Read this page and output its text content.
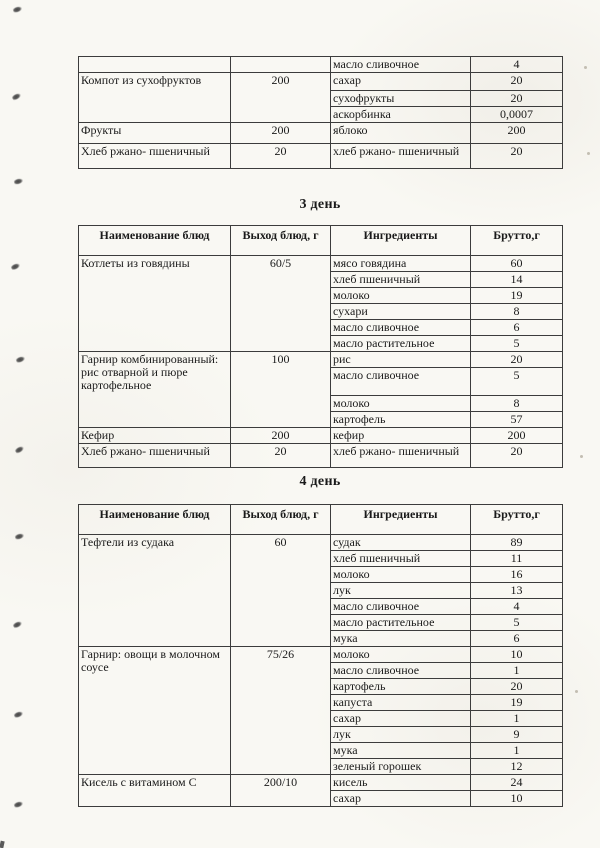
		масло сливочное	4
Компот из сухофруктов	200	сахар	20
		сухофрукты	20
		аскорбинка	0,0007
Фрукты	200	яблоко	200
Хлеб ржано- пшеничный	20	хлеб ржано- пшеничный	20
3 день
Наименование блюд	Выход блюд, г	Ингредиенты	Брутто,г
Котлеты из говядины	60/5	мясо говядина	60
		хлеб пшеничный	14
		молоко	19
		сухари	8
		масло сливочное	6
		масло растительное	5
Гарнир комбинированный: рис отварной и пюре картофельное	100	рис	20
		масло сливочное	5
		молоко	8
		картофель	57
Кефир	200	кефир	200
Хлеб ржано- пшеничный	20	хлеб ржано- пшеничный	20
4 день
Наименование блюд	Выход блюд, г	Ингредиенты	Брутто,г
Тефтели из судака	60	судак	89
		хлеб пшеничный	11
		молоко	16
		лук	13
		масло сливочное	4
		масло растительное	5
		мука	6
Гарнир: овощи в молочном соусе	75/26	молоко	10
		масло сливочное	1
		картофель	20
		капуста	19
		сахар	1
		лук	9
		мука	1
		зеленый горошек	12
Кисель с витамином С	200/10	кисель	24
		сахар	10
